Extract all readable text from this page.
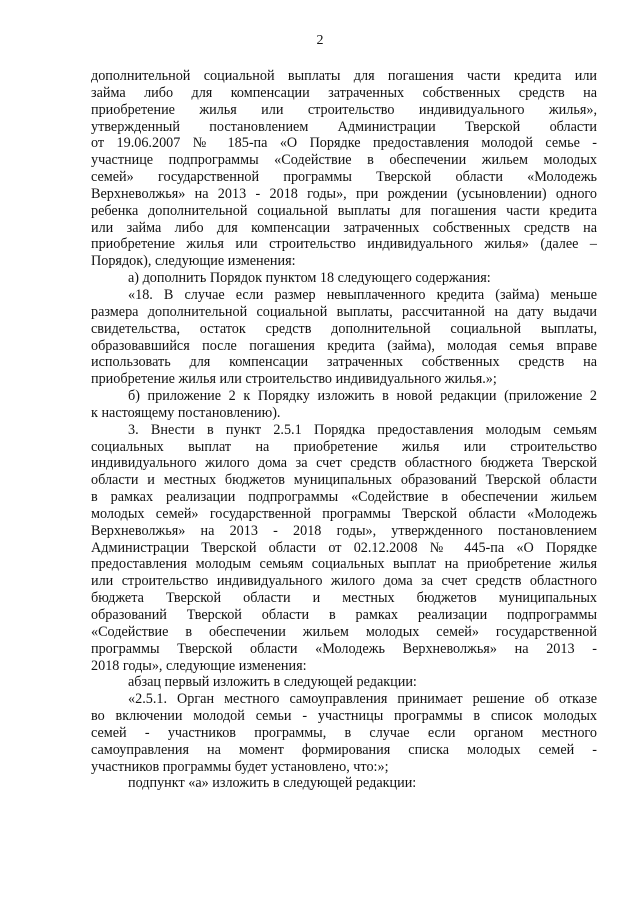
2
дополнительной социальной выплаты для погашения части кредита или
займа либо для компенсации затраченных собственных средств на
приобретение жилья или строительство индивидуального жилья»,
утвержденный постановлением Администрации Тверской области
от 19.06.2007 № 185-па «О Порядке предоставления молодой семье -
участнице подпрограммы «Содействие в обеспечении жильем молодых
семей» государственной программы Тверской области «Молодежь
Верхневолжья» на 2013 - 2018 годы», при рождении (усыновлении) одного
ребенка дополнительной социальной выплаты для погашения части кредита
или займа либо для компенсации затраченных собственных средств на
приобретение жилья или строительство индивидуального жилья» (далее –
Порядок), следующие изменения:
а) дополнить Порядок пунктом 18 следующего содержания:
«18. В случае если размер невыплаченного кредита (займа) меньше
размера дополнительной социальной выплаты, рассчитанной на дату выдачи
свидетельства, остаток средств дополнительной социальной выплаты,
образовавшийся после погашения кредита (займа), молодая семья вправе
использовать для компенсации затраченных собственных средств на
приобретение жилья или строительство индивидуального жилья.»;
б) приложение 2 к Порядку изложить в новой редакции (приложение 2
к настоящему постановлению).
3. Внести в пункт 2.5.1 Порядка предоставления молодым семьям
социальных выплат на приобретение жилья или строительство
индивидуального жилого дома за счет средств областного бюджета Тверской
области и местных бюджетов муниципальных образований Тверской области
в рамках реализации подпрограммы «Содействие в обеспечении жильем
молодых семей» государственной программы Тверской области «Молодежь
Верхневолжья» на 2013 - 2018 годы», утвержденного постановлением
Администрации Тверской области от 02.12.2008 № 445-па «О Порядке
предоставления молодым семьям социальных выплат на приобретение жилья
или строительство индивидуального жилого дома за счет средств областного
бюджета Тверской области и местных бюджетов муниципальных
образований Тверской области в рамках реализации подпрограммы
«Содействие в обеспечении жильем молодых семей» государственной
программы Тверской области «Молодежь Верхневолжья» на 2013 -
2018 годы», следующие изменения:
абзац первый изложить в следующей редакции:
«2.5.1. Орган местного самоуправления принимает решение об отказе
во включении молодой семьи - участницы программы в список молодых
семей - участников программы, в случае если органом местного
самоуправления на момент формирования списка молодых семей -
участников программы будет установлено, что:»;
подпункт «а» изложить в следующей редакции:
